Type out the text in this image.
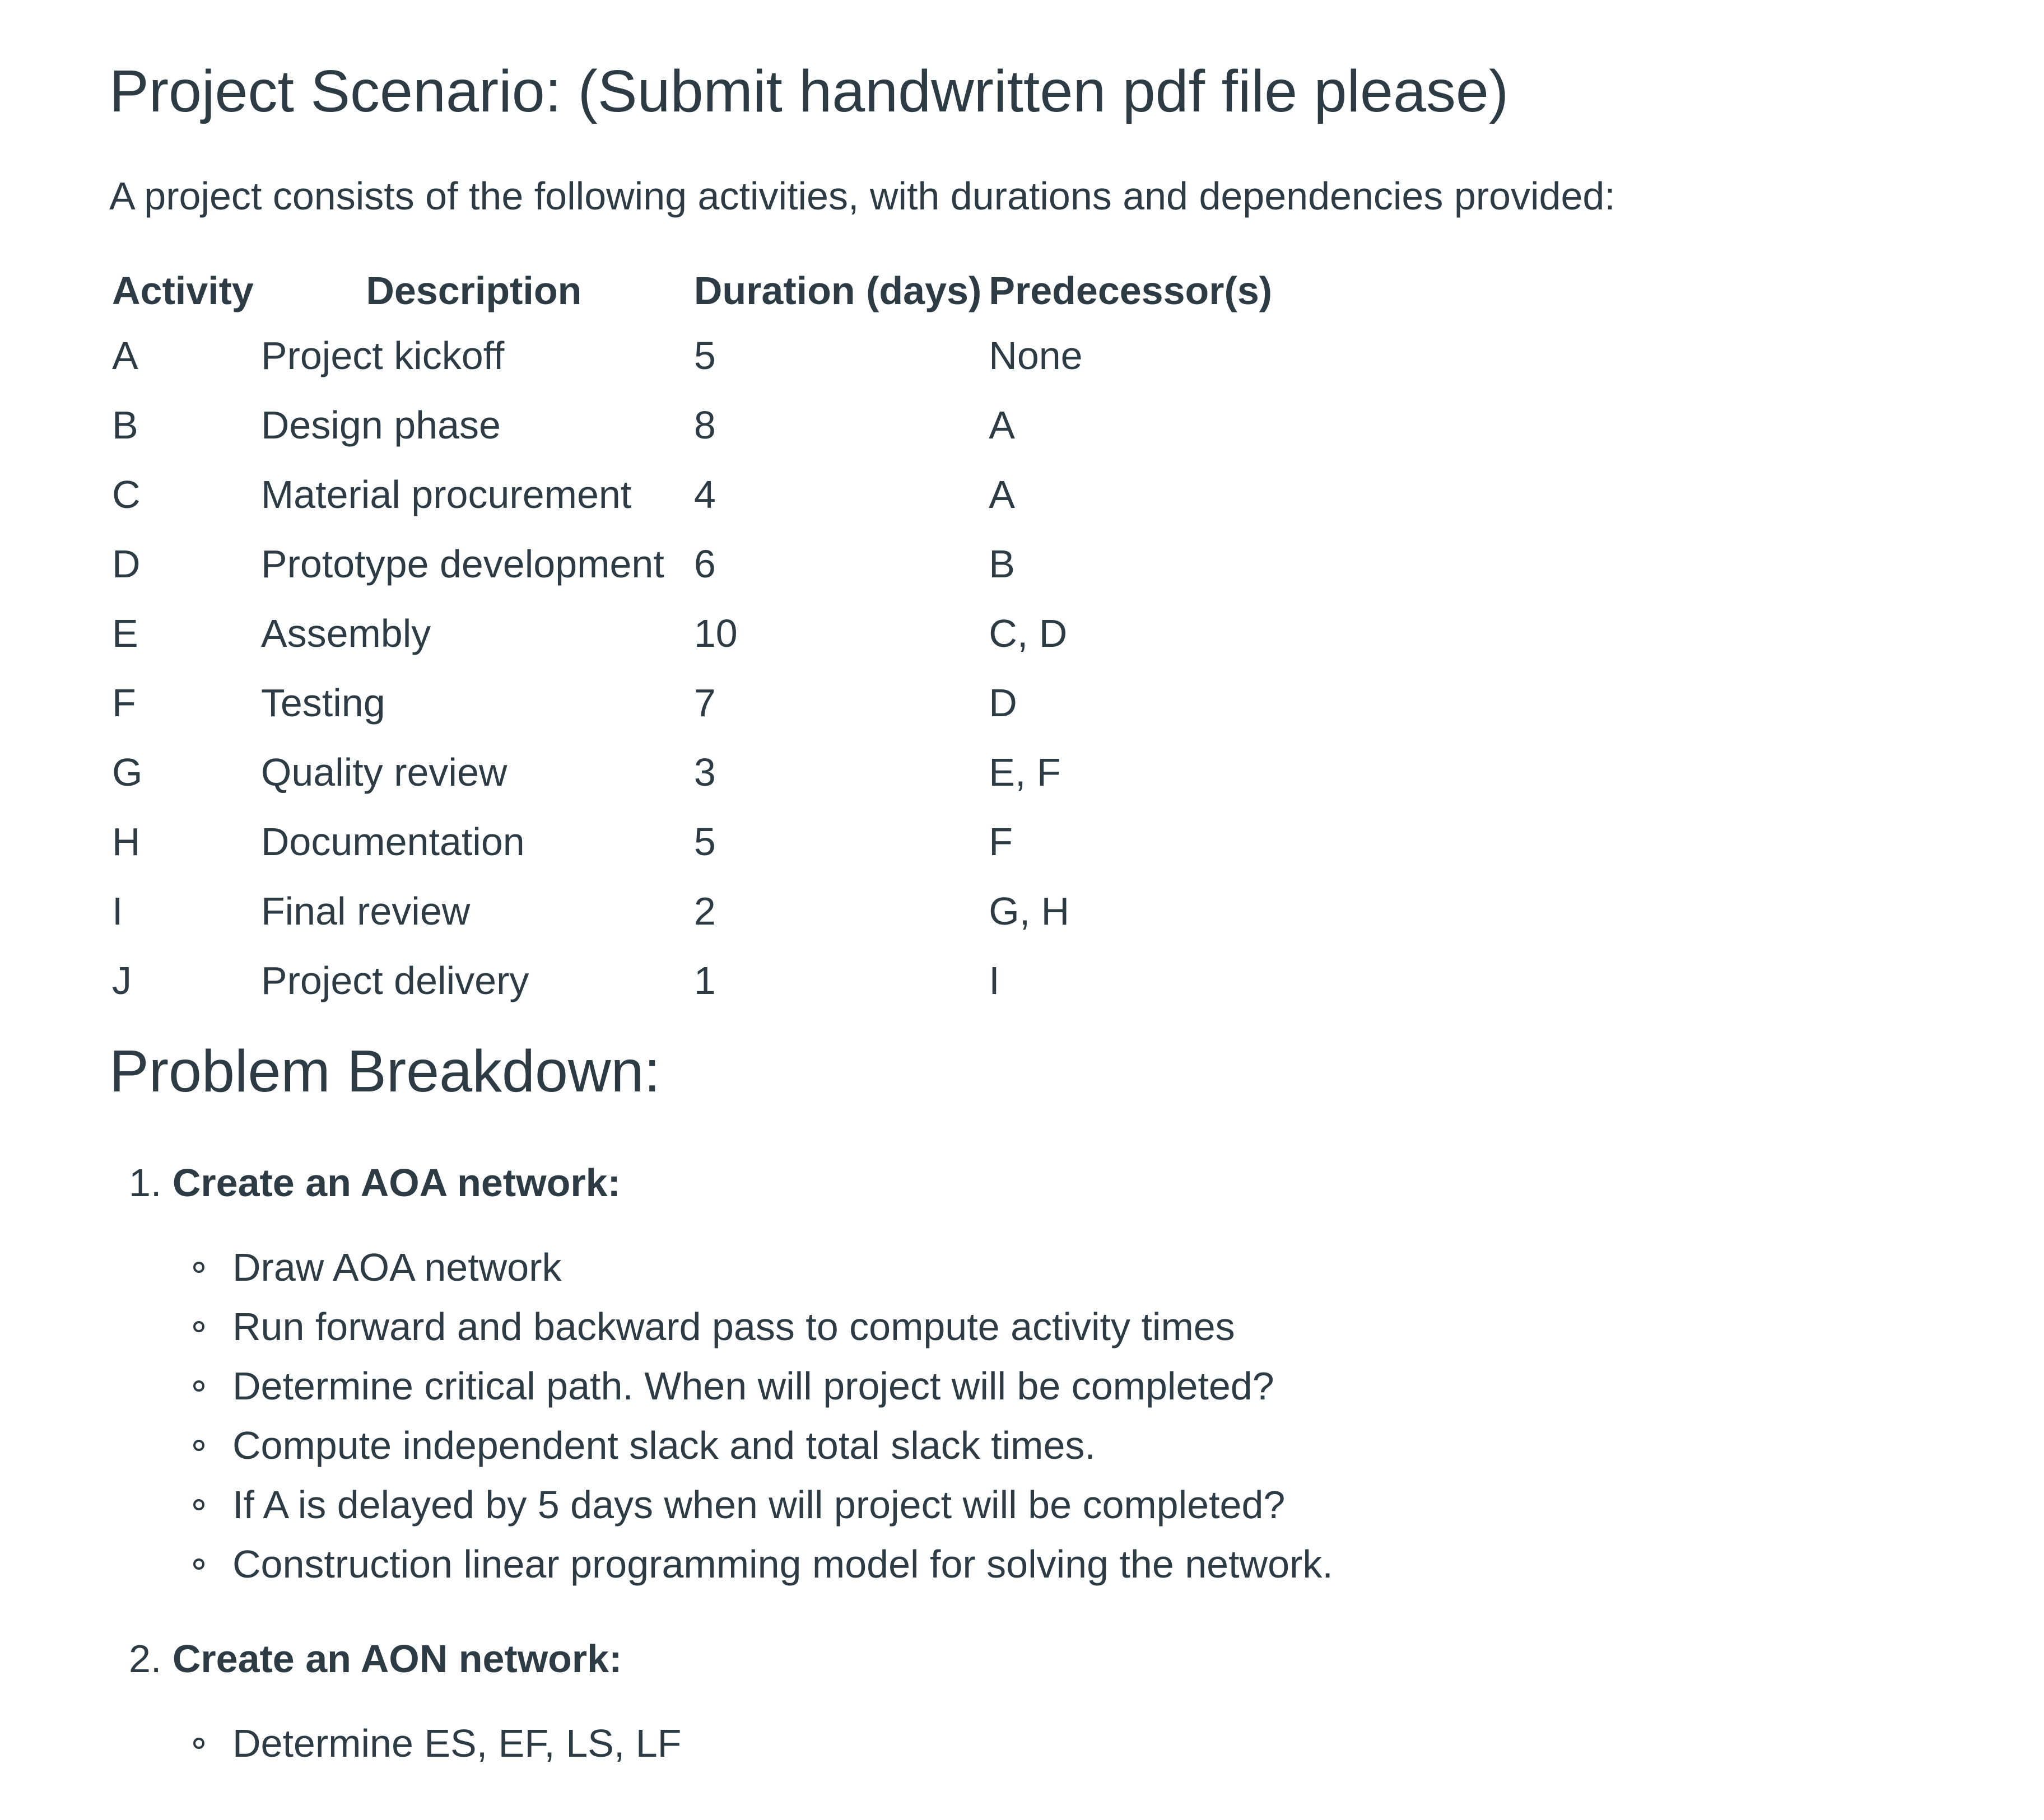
Project Scenario: (Submit handwritten pdf file please)
A project consists of the following activities, with durations and dependencies provided:
Activity	Description	Duration (days)	Predecessor(s)
A	Project kickoff	5	None
B	Design phase	8	A
C	Material procurement	4	A
D	Prototype development	6	B
E	Assembly	10	C, D
F	Testing	7	D
G	Quality review	3	E, F
H	Documentation	5	F
I	Final review	2	G, H
J	Project delivery	1	I
Problem Breakdown:
1. Create an AOA network:
Draw AOA network
Run forward and backward pass to compute activity times
Determine critical path. When will project will be completed?
Compute independent slack and total slack times.
If A is delayed by 5 days when will project will be completed?
Construction linear programming model for solving the network.
2. Create an AON network:
Determine ES, EF, LS, LF
